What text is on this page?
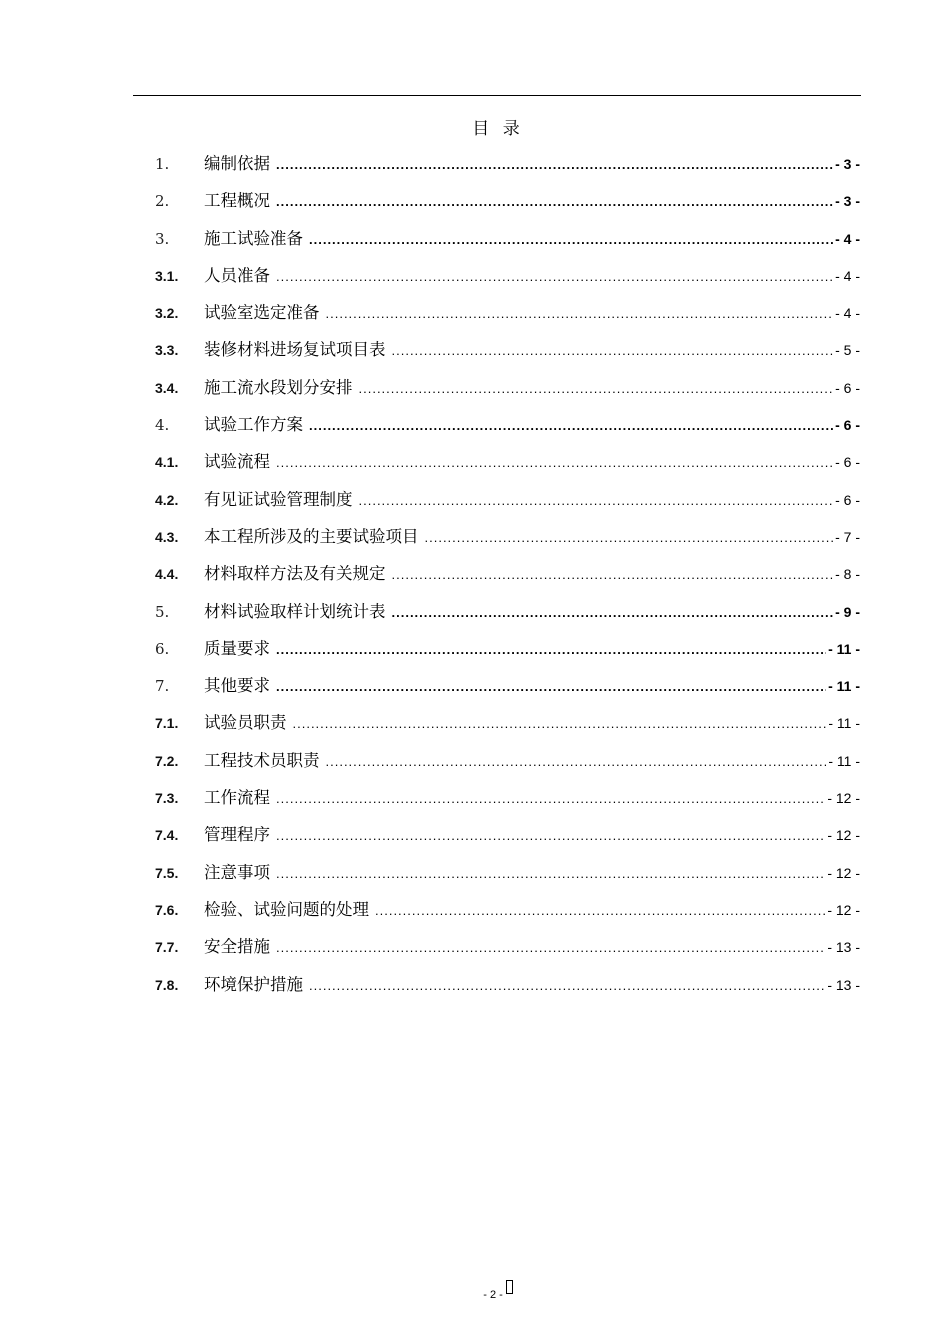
目 录
1.	编制依据 .....	- 3 -
2.	工程概况 .....	- 3 -
3.	施工试验准备 .....	- 4 -
3.1.	人员准备 .....	- 4 -
3.2.	试验室选定准备 .....	- 4 -
3.3.	装修材料进场复试项目表 .....	- 5 -
3.4.	施工流水段划分安排 .....	- 6 -
4.	试验工作方案 .....	- 6 -
4.1.	试验流程 .....	- 6 -
4.2.	有见证试验管理制度 .....	- 6 -
4.3.	本工程所涉及的主要试验项目 .....	- 7 -
4.4.	材料取样方法及有关规定 .....	- 8 -
5.	材料试验取样计划统计表 .....	- 9 -
6.	质量要求 .....	- 11 -
7.	其他要求 .....	- 11 -
7.1.	试验员职责 .....	- 11 -
7.2.	工程技术员职责 .....	- 11 -
7.3.	工作流程 .....	- 12 -
7.4.	管理程序 .....	- 12 -
7.5.	注意事项 .....	- 12 -
7.6.	检验、试验问题的处理 .....	- 12 -
7.7.	安全措施 .....	- 13 -
7.8.	环境保护措施 .....	- 13 -
- 2 -
